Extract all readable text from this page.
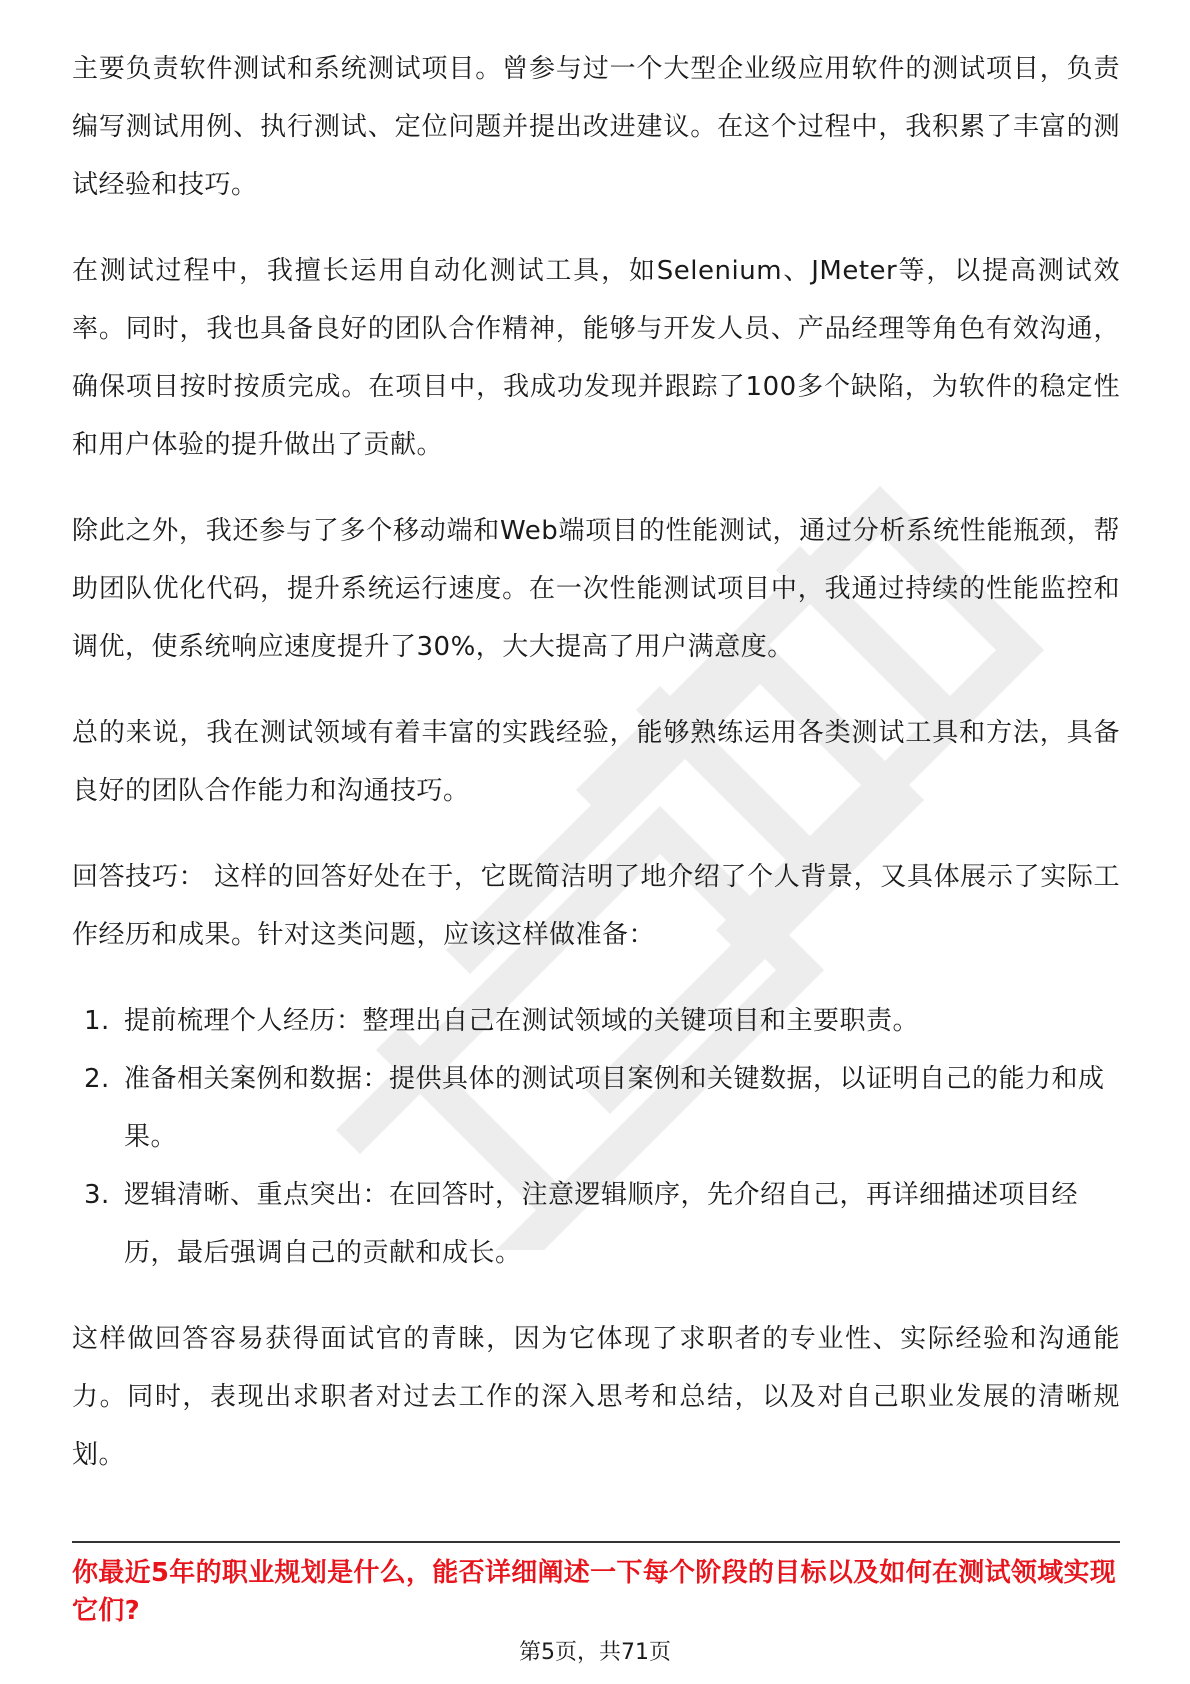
主要负责软件测试和系统测试项目。曾参与过一个大型企业级应用软件的测试项目，负责编写测试用例、执行测试、定位问题并提出改进建议。在这个过程中，我积累了丰富的测试经验和技巧。

在测试过程中，我擅长运用自动化测试工具，如Selenium、JMeter等，以提高测试效率。同时，我也具备良好的团队合作精神，能够与开发人员、产品经理等角色有效沟通，确保项目按时按质完成。在项目中，我成功发现并跟踪了100多个缺陷，为软件的稳定性和用户体验的提升做出了贡献。

除此之外，我还参与了多个移动端和Web端项目的性能测试，通过分析系统性能瓶颈，帮助团队优化代码，提升系统运行速度。在一次性能测试项目中，我通过持续的性能监控和调优，使系统响应速度提升了30%，大大提高了用户满意度。

总的来说，我在测试领域有着丰富的实践经验，能够熟练运用各类测试工具和方法，具备良好的团队合作能力和沟通技巧。

回答技巧： 这样的回答好处在于，它既简洁明了地介绍了个人背景，又具体展示了实际工作经历和成果。针对这类问题，应该这样做准备：

1. 提前梳理个人经历：整理出自己在测试领域的关键项目和主要职责。
2. 准备相关案例和数据：提供具体的测试项目案例和关键数据，以证明自己的能力和成果。
3. 逻辑清晰、重点突出：在回答时，注意逻辑顺序，先介绍自己，再详细描述项目经历，最后强调自己的贡献和成长。

这样做回答容易获得面试官的青睐，因为它体现了求职者的专业性、实际经验和沟通能力。同时，表现出求职者对过去工作的深入思考和总结，以及对自己职业发展的清晰规划。

你最近5年的职业规划是什么，能否详细阐述一下每个阶段的目标以及如何在测试领域实现它们?
第5页，共71页
